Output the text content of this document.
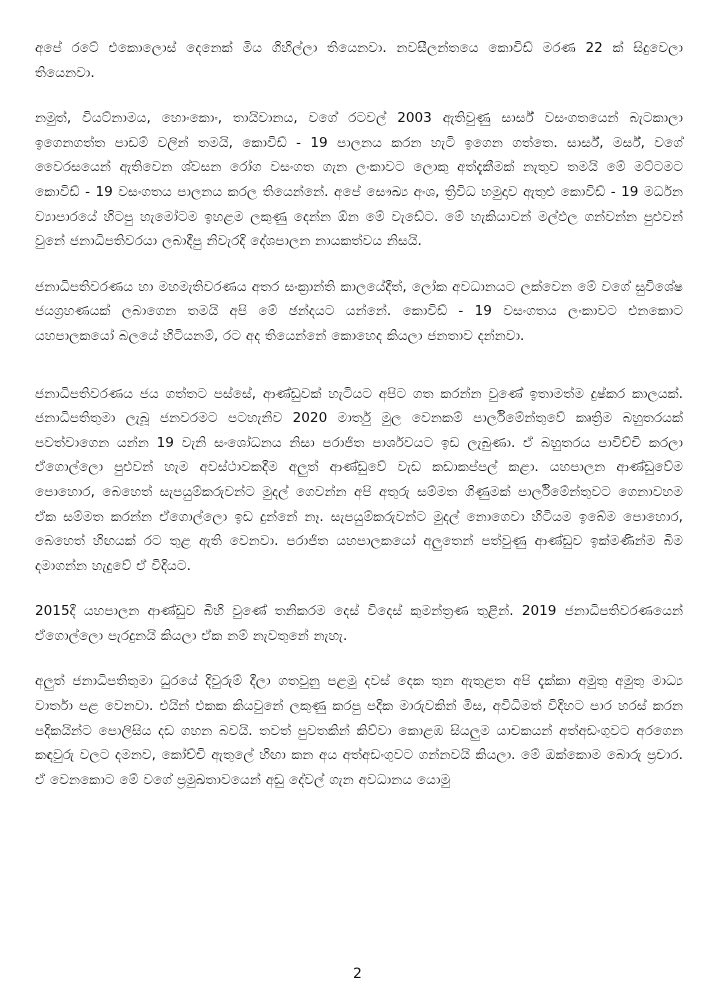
අපේ රටේ එකොලොස් දෙනෙක් මිය ගිහිල්ලා තියෙනවා. නවසීලන්තයෙ කොවිඩ් මරණ 22 ක් සිදුවෙලා තියෙනවා.

නමුත්, වියට්නාමය, හොංකොං, තායිවානය, වගේ රටවල් 2003 ඇතිවුණු සාර්ස් වසංගතයෙන් බැටකාලා ඉගෙනගත්ත පාඩම් වලින් තමයි, කොවිඩ් - 19 පාලනය කරන හැටි ඉගෙන ගත්තෙ. සාර්ස්, මර්ස්, වගේ වෛරසයෙන් ඇතිවෙන ශ්වසන රෝග වසංගත ගැන ලංකාවට ලොකු අත්දැකීමක් නැතුව තමයි මේ මට්ටමට කොවිඩ් - 19 වසංගතය පාලනය කරල තියෙන්නේ. අපේ සෞඛ්‍ය අංශ, ත්‍රිවිධ හමුදාව ඇතුළු කොවිඩ් - 19 මර්ධන ව්‍යාපාරයේ හිටපු හැමෝටම ඉහළම ලකුණු දෙන්න ඕන මේ වැඩේට. මේ හැකියාවන් මල්ඵල ගන්වන්න පුළුවන් වුනේ ජනාධිපතිවරයා ලබාදීපු නිවැරදි දේශපාලන නායකත්වය නිසයි.

ජනාධිපතිවරණය හා මහමැතිවරණය අතර සංක්‍රාන්ති කාලයේදීත්, ලෝක අවධානයට ලක්වෙන මේ වගේ සුවිශේෂ ජයග්‍රහණයක් ලබාගෙන තමයි අපි මේ ඡන්දයට යන්නේ. කොවිඩ් - 19 වසංගතය ලංකාවට එනකොට යහපාලකයෝ බලයේ හිටියනම්, රට අද තියෙන්නේ කොහෙද කියලා ජනතාව දන්නවා.

ජනාධිපතිවරණය ජය ගත්තට පස්සේ, ආණ්ඩුවක් හැටියට අපිට ගත කරන්න වුණේ ඉතාමත්ම දුෂ්කර කාලයක්. ජනාධිපතිතුමා ලැබූ ජනවරමට පටහැනිව 2020 මාර්තු මුල වෙනකම් පාර්ලිමේන්තුවේ කෘත්‍රිම බහුතරයක් පවත්වාගෙන යන්න 19 වැනි සංශෝධනය නිසා පරාජිත පාර්ශවයට ඉඩ ලැබුණා. ඒ බහුතරය පාවිච්චි කරලා ඒගොල්ලො පුළුවන් හැම අවස්ථාවකදීම අලුත් ආණ්ඩුවේ වැඩ කඩාකප්පල් කළා. යහපාලන ආණ්ඩුවේම පොහොර, බෙහෙත් සැපයුම්කරුවන්ට මුදල් ගෙවන්න අපි අතුරු සම්මත ගිණුමක් පාර්ලිමේන්තුවට ගෙනාවහම ඒක සම්මත කරන්න ඒගොල්ලො ඉඩ දුන්නේ නෑ. සැපයුම්කරුවන්ට මුදල් නොගෙවා හිටියම ඉබේම පොහොර, බෙහෙත් හිඟයක් රට තුළ ඇති වෙනවා. පරාජිත යහපාලකයෝ අලුතෙන් පත්වුණු ආණ්ඩුව ඉක්මණින්ම බිම දමාගන්න හැදුවේ ඒ විදියට.

2015දී යහපාලන ආණ්ඩුව බිහි වුණේ තනිකරම දෙස් විදෙස් කුමන්ත්‍රණ තුළින්. 2019 ජනාධිපතිවරණයෙන් ඒගොල්ලො පැරදුනයි කියලා ඒක නම් නැවතුනේ නැහැ.

අලුත් ජනාධිපතිතුමා ධුරයේ දිවුරුම් දීලා ගතවුනු පළමු දවස් දෙක තුන ඇතුළත අපි දැක්කා අමුතු අමුතු මාධ්‍ය වාර්තා පළ වෙනවා. එයින් එකක කියවුනේ ලකුණු කරපු පදික මාරුවකින් මිස, අවිධිමත් විදිහට පාර හරස් කරන පදිකයින්ට පොලිසිය දඩ ගහන බවයි. තවත් පුවතකින් කිව්වා කොළඹ සියලුම යාචකයන් අත්අඩංගුවට අරගෙන කඳවුරු වලට දමනව, කෝච්චි ඇතුලේ හිඟා කන අය අත්අඩංගුවට ගන්නවයි කියලා. මේ ඔක්කොම බොරු ප්‍රචාර. ඒ වෙනකොට මේ වගේ ප්‍රමුඛතාවයෙන් අඩු දේවල් ගැන අවධානය යොමු

2
